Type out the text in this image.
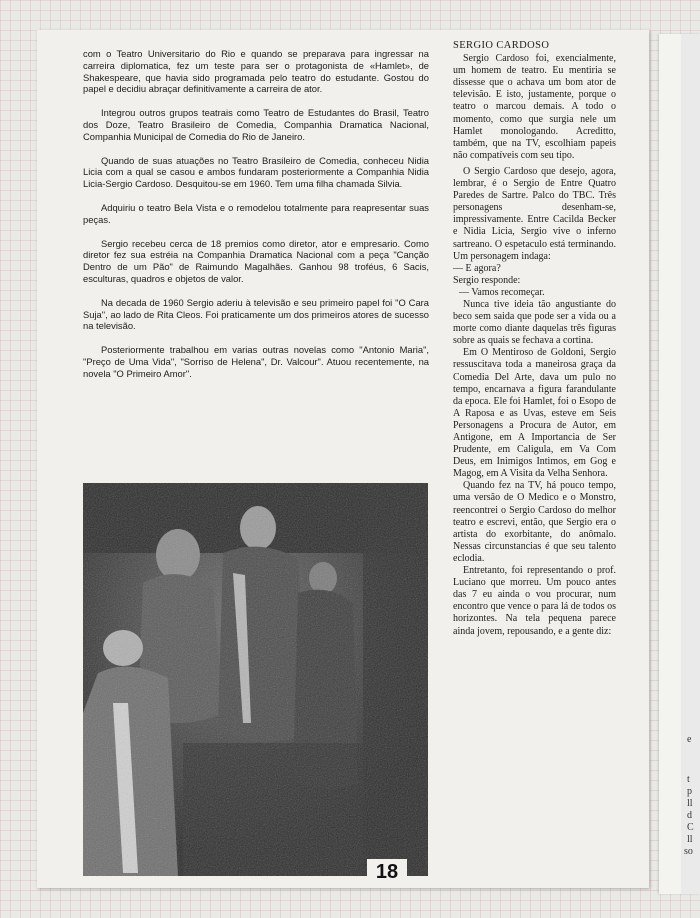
com o Teatro Universitario do Rio e quando se preparava para ingressar na carreira diplomatica, fez um teste para ser o protagonista de «Hamlet», de Shakespeare, que havia sido programada pelo teatro do estudante. Gostou do papel e decidiu abraçar definitivamente a carreira de ator.

Integrou outros grupos teatrais como Teatro de Estudantes do Brasil, Teatro dos Doze, Teatro Brasileiro de Comedia, Companhia Dramatica Nacional, Companhia Municipal de Comedia do Rio de Janeiro.

Quando de suas atuações no Teatro Brasileiro de Comedia, conheceu Nidia Licia com a qual se casou e ambos fundaram posteriormente a Companhia Nidia Licia-Sergio Cardoso. Desquitou-se em 1960. Tem uma filha chamada Silvia.

Adquiriu o teatro Bela Vista e o remodelou totalmente para reapresentar suas peças.

Sergio recebeu cerca de 18 premios como diretor, ator e empresario. Como diretor fez sua estréia na Companhia Dramatica Nacional com a peça "Canção Dentro de um Pão" de Raimundo Magalhães. Ganhou 98 troféus, 6 Sacis, esculturas, quadros e objetos de valor.

Na decada de 1960 Sergio aderiu à televisão e seu primeiro papel foi "O Cara Suja", ao lado de Rita Cleos. Foi praticamente um dos primeiros atores de sucesso na televisão.

Posteriormente trabalhou em varias outras novelas como "Antonio Maria", "Preço de Uma Vida", "Sorriso de Helena", Dr. Valcour". Atuou recentemente, na novela "O Primeiro Amor".

SERGIO CARDOSO

Sergio Cardoso foi, exencialmente, um homem de teatro. Eu mentiria se dissesse que o achava um bom ator de televisão. E isto, justamente, porque o teatro o marcou demais. A todo o momento, como que surgia nele um Hamlet monologando. Acreditto, também, que na TV, escolhiam papeis não compatíveis com seu tipo.

O Sergio Cardoso que desejo, agora, lembrar, é o Sergio de Entre Quatro Paredes de Sartre. Palco do TBC. Três personagens desenham-se, impressivamente. Entre Cacilda Becker e Nidia Licia, Sergio vive o inferno sartreano. O espetaculo está terminando. Um personagem indaga:

— E agora?

Sergio responde:

— Vamos recomeçar.

Nunca tive ideia tão angustiante do beco sem saida que pode ser a vida ou a morte como diante daquelas três figuras sobre as quais se fechava a cortina.

Em O Mentiroso de Goldoni, Sergio ressuscitava toda a maneirosa graça da Comedia Del Arte, dava um pulo no tempo, encarnava a figura farandulante da epoca. Ele foi Hamlet, foi o Esopo de A Raposa e as Uvas, esteve em Seis Personagens a Procura de Autor, em Antigone, em A Importancia de Ser Prudente, em Caligula, em Va Com Deus, em Inimigos Intimos, em Gog e Magog, em A Visita da Velha Senhora.

Quando fez na TV, há pouco tempo, uma versão de O Medico e o Monstro, reencontrei o Sergio Cardoso do melhor teatro e escrevi, então, que Sergio era o artista do exorbitante, do anômalo. Nessas circunstancias é que seu talento eclodia.

Entretanto, foi representando o prof. Luciano que morreu. Um pouco antes das 7 eu ainda o vou procurar, num encontro que vence o para lá de todos os horizontes. Na tela pequena parece ainda jovem, repousando, e a gente diz:

18
e
t
p
ll
d
C
ll
so
